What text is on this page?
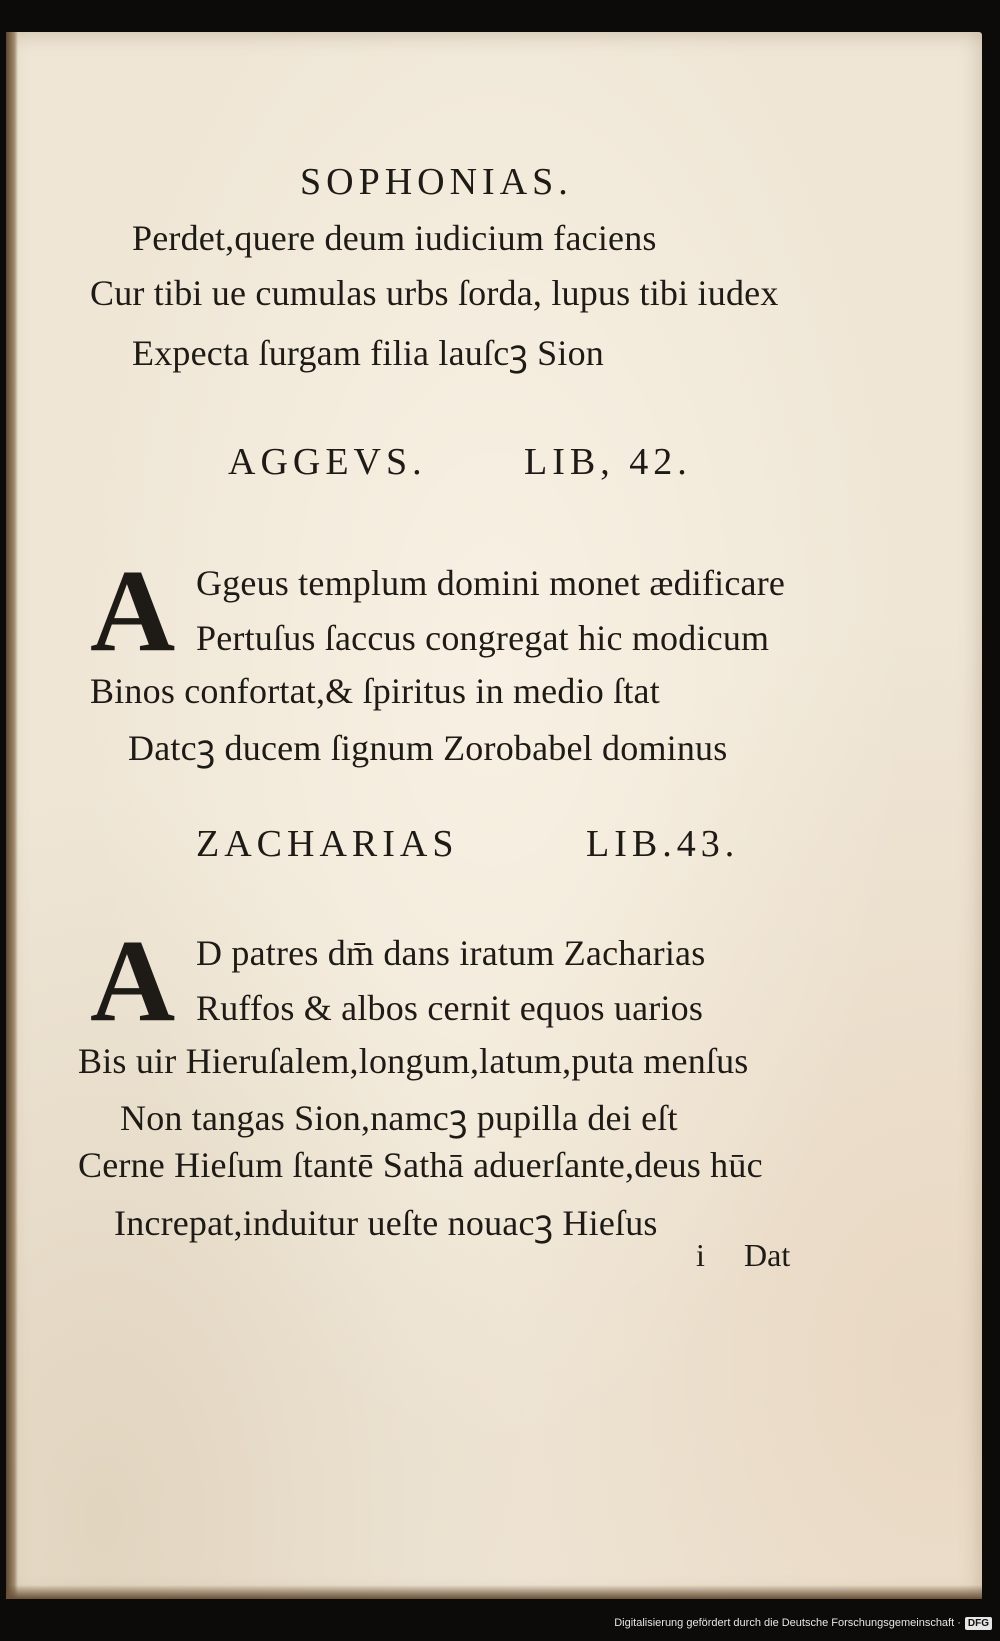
SOPHONIAS.
Perdet,quere deum iudicium faciens
Cur tibi ue cumulas urbs ſorda, lupus tibi iudex
Expecta ſurgam filia lauſcꝫ Sion
AGGEVS.	LIB, 42.
A Ggeus templum domini monet ædificare
Pertuſus ſaccus congregat hic modicum
Binos confortat,& ſpiritus in medio ſtat
Datcꝫ ducem ſignum Zorobabel dominus
ZACHARIAS	LIB.43.
A D patres dm̄ dans iratum Zacharias
Ruffos & albos cernit equos uarios
Bis uir Hieruſalem,longum,latum,puta menſus
Non tangas Sion,namcꝫ pupilla dei eſt
Cerne Hieſum ſtantē Sathā aduerſante,deus hūc
Increpat,induitur ueſte nouacꝫ Hieſus
i Dat
Digitalisierung gefördert durch die Deutsche Forschungsgemeinschaft · DFG
